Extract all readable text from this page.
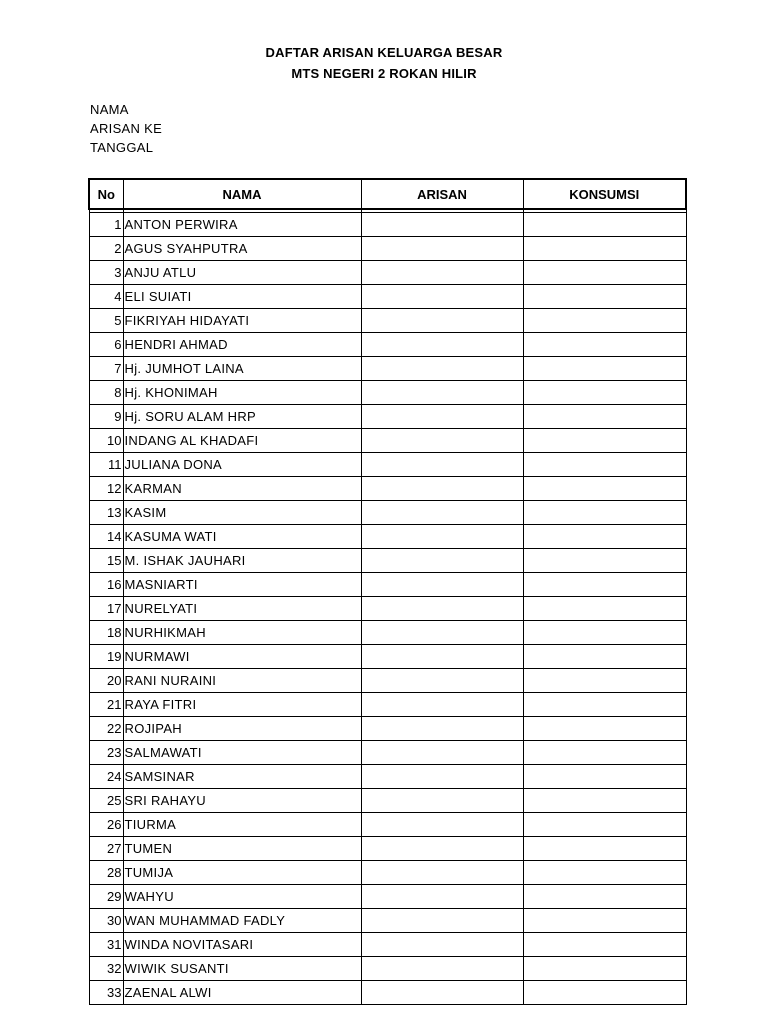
DAFTAR ARISAN KELUARGA BESAR
MTS NEGERI 2 ROKAN HILIR
NAMA
ARISAN KE
TANGGAL
No	NAMA	ARISAN	KONSUMSI

1	ANTON PERWIRA		
2	AGUS SYAHPUTRA		
3	ANJU ATLU		
4	ELI SUIATI		
5	FIKRIYAH HIDAYATI		
6	HENDRI AHMAD		
7	Hj. JUMHOT LAINA		
8	Hj. KHONIMAH		
9	Hj. SORU ALAM HRP		
10	INDANG AL KHADAFI		
11	JULIANA DONA		
12	KARMAN		
13	KASIM		
14	KASUMA WATI		
15	M. ISHAK JAUHARI		
16	MASNIARTI		
17	NURELYATI		
18	NURHIKMAH		
19	NURMAWI		
20	RANI NURAINI		
21	RAYA FITRI		
22	ROJIPAH		
23	SALMAWATI		
24	SAMSINAR		
25	SRI RAHAYU		
26	TIURMA		
27	TUMEN		
28	TUMIJA		
29	WAHYU		
30	WAN MUHAMMAD FADLY		
31	WINDA NOVITASARI		
32	WIWIK SUSANTI		
33	ZAENAL ALWI		
